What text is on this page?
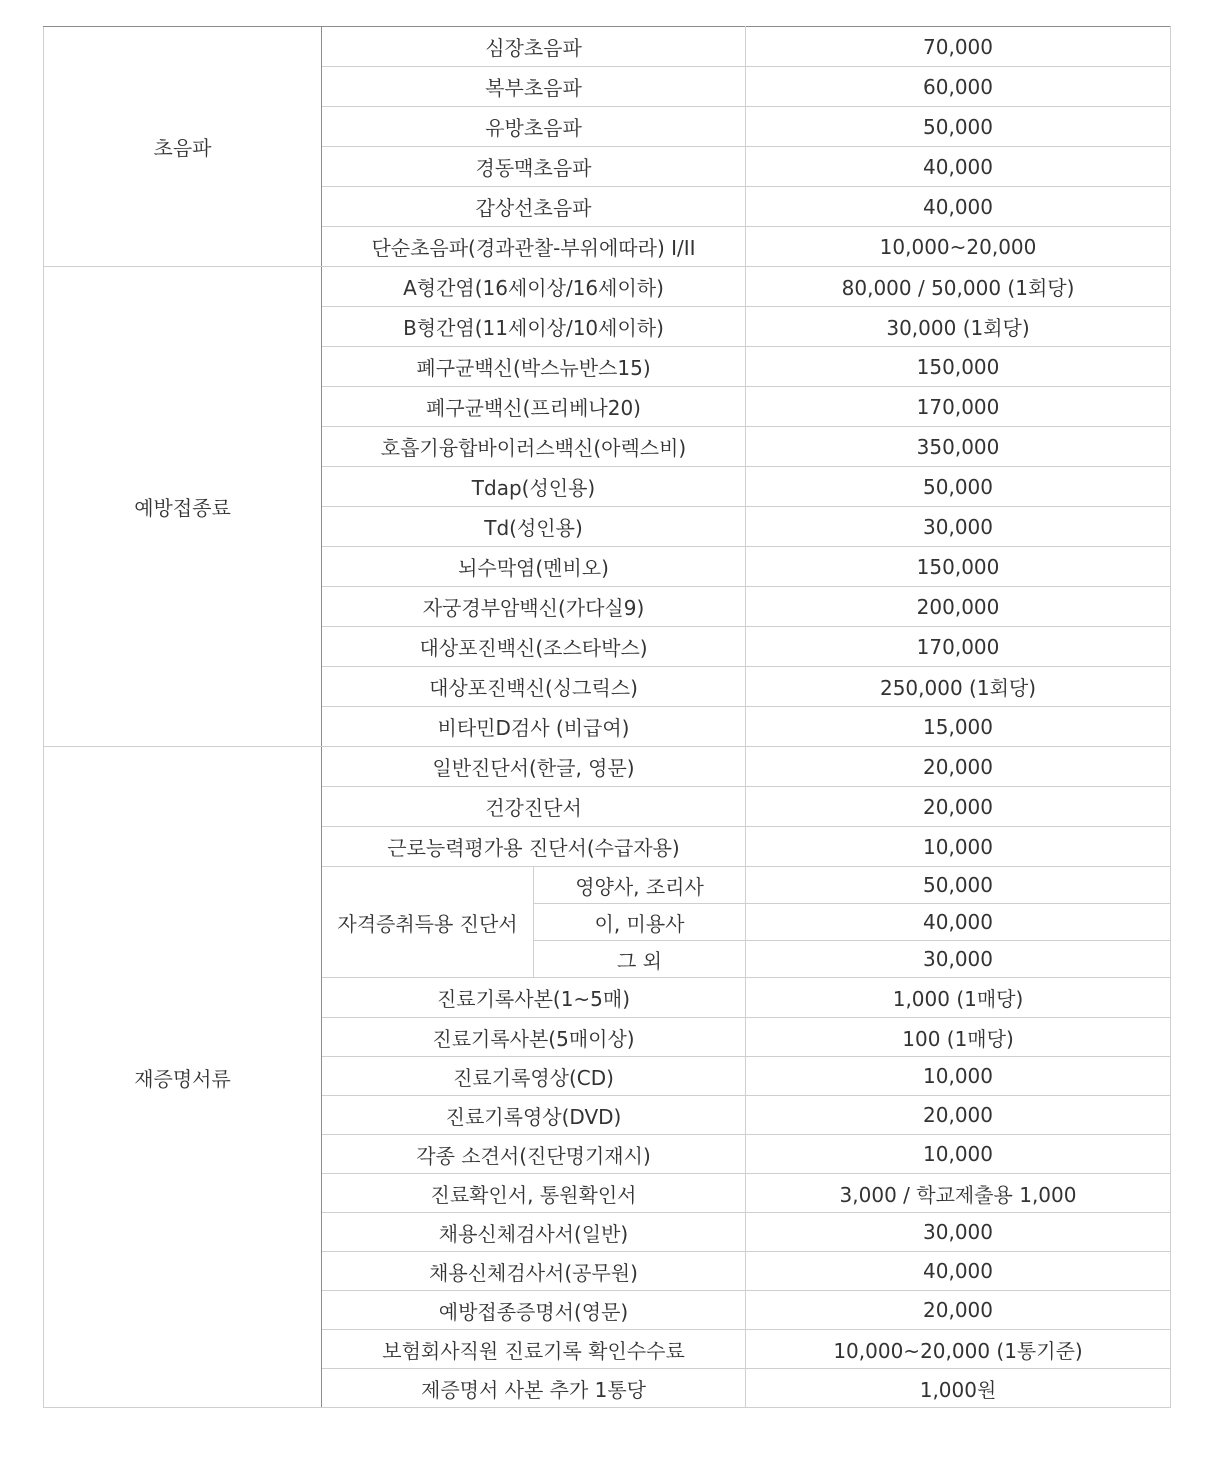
초음파	심장초음파		70,000
	복부초음파		60,000
	유방초음파		50,000
	경동맥초음파		40,000
	갑상선초음파		40,000
	단순초음파(경과관찰-부위에따라) I/II		10,000~20,000
예방접종료	A형간염(16세이상/16세이하)		80,000 / 50,000 (1회당)
	B형간염(11세이상/10세이하)		30,000 (1회당)
	폐구균백신(박스뉴반스15)		150,000
	폐구균백신(프리베나20)		170,000
	호흡기융합바이러스백신(아렉스비)		350,000
	Tdap(성인용)		50,000
	Td(성인용)		30,000
	뇌수막염(멘비오)		150,000
	자궁경부암백신(가다실9)		200,000
	대상포진백신(조스타박스)		170,000
	대상포진백신(싱그릭스)		250,000 (1회당)
	비타민D검사 (비급여)		15,000
재증명서류	일반진단서(한글, 영문)		20,000
	건강진단서		20,000
	근로능력평가용 진단서(수급자용)		10,000
	자격증취득용 진단서	영양사, 조리사	50,000
		이, 미용사	40,000
		그 외	30,000
	진료기록사본(1~5매)		1,000 (1매당)
	진료기록사본(5매이상)		100 (1매당)
	진료기록영상(CD)		10,000
	진료기록영상(DVD)		20,000
	각종 소견서(진단명기재시)		10,000
	진료확인서, 통원확인서		3,000 / 학교제출용 1,000
	채용신체검사서(일반)		30,000
	채용신체검사서(공무원)		40,000
	예방접종증명서(영문)		20,000
	보험회사직원 진료기록 확인수수료		10,000~20,000 (1통기준)
	제증명서 사본 추가 1통당		1,000원
